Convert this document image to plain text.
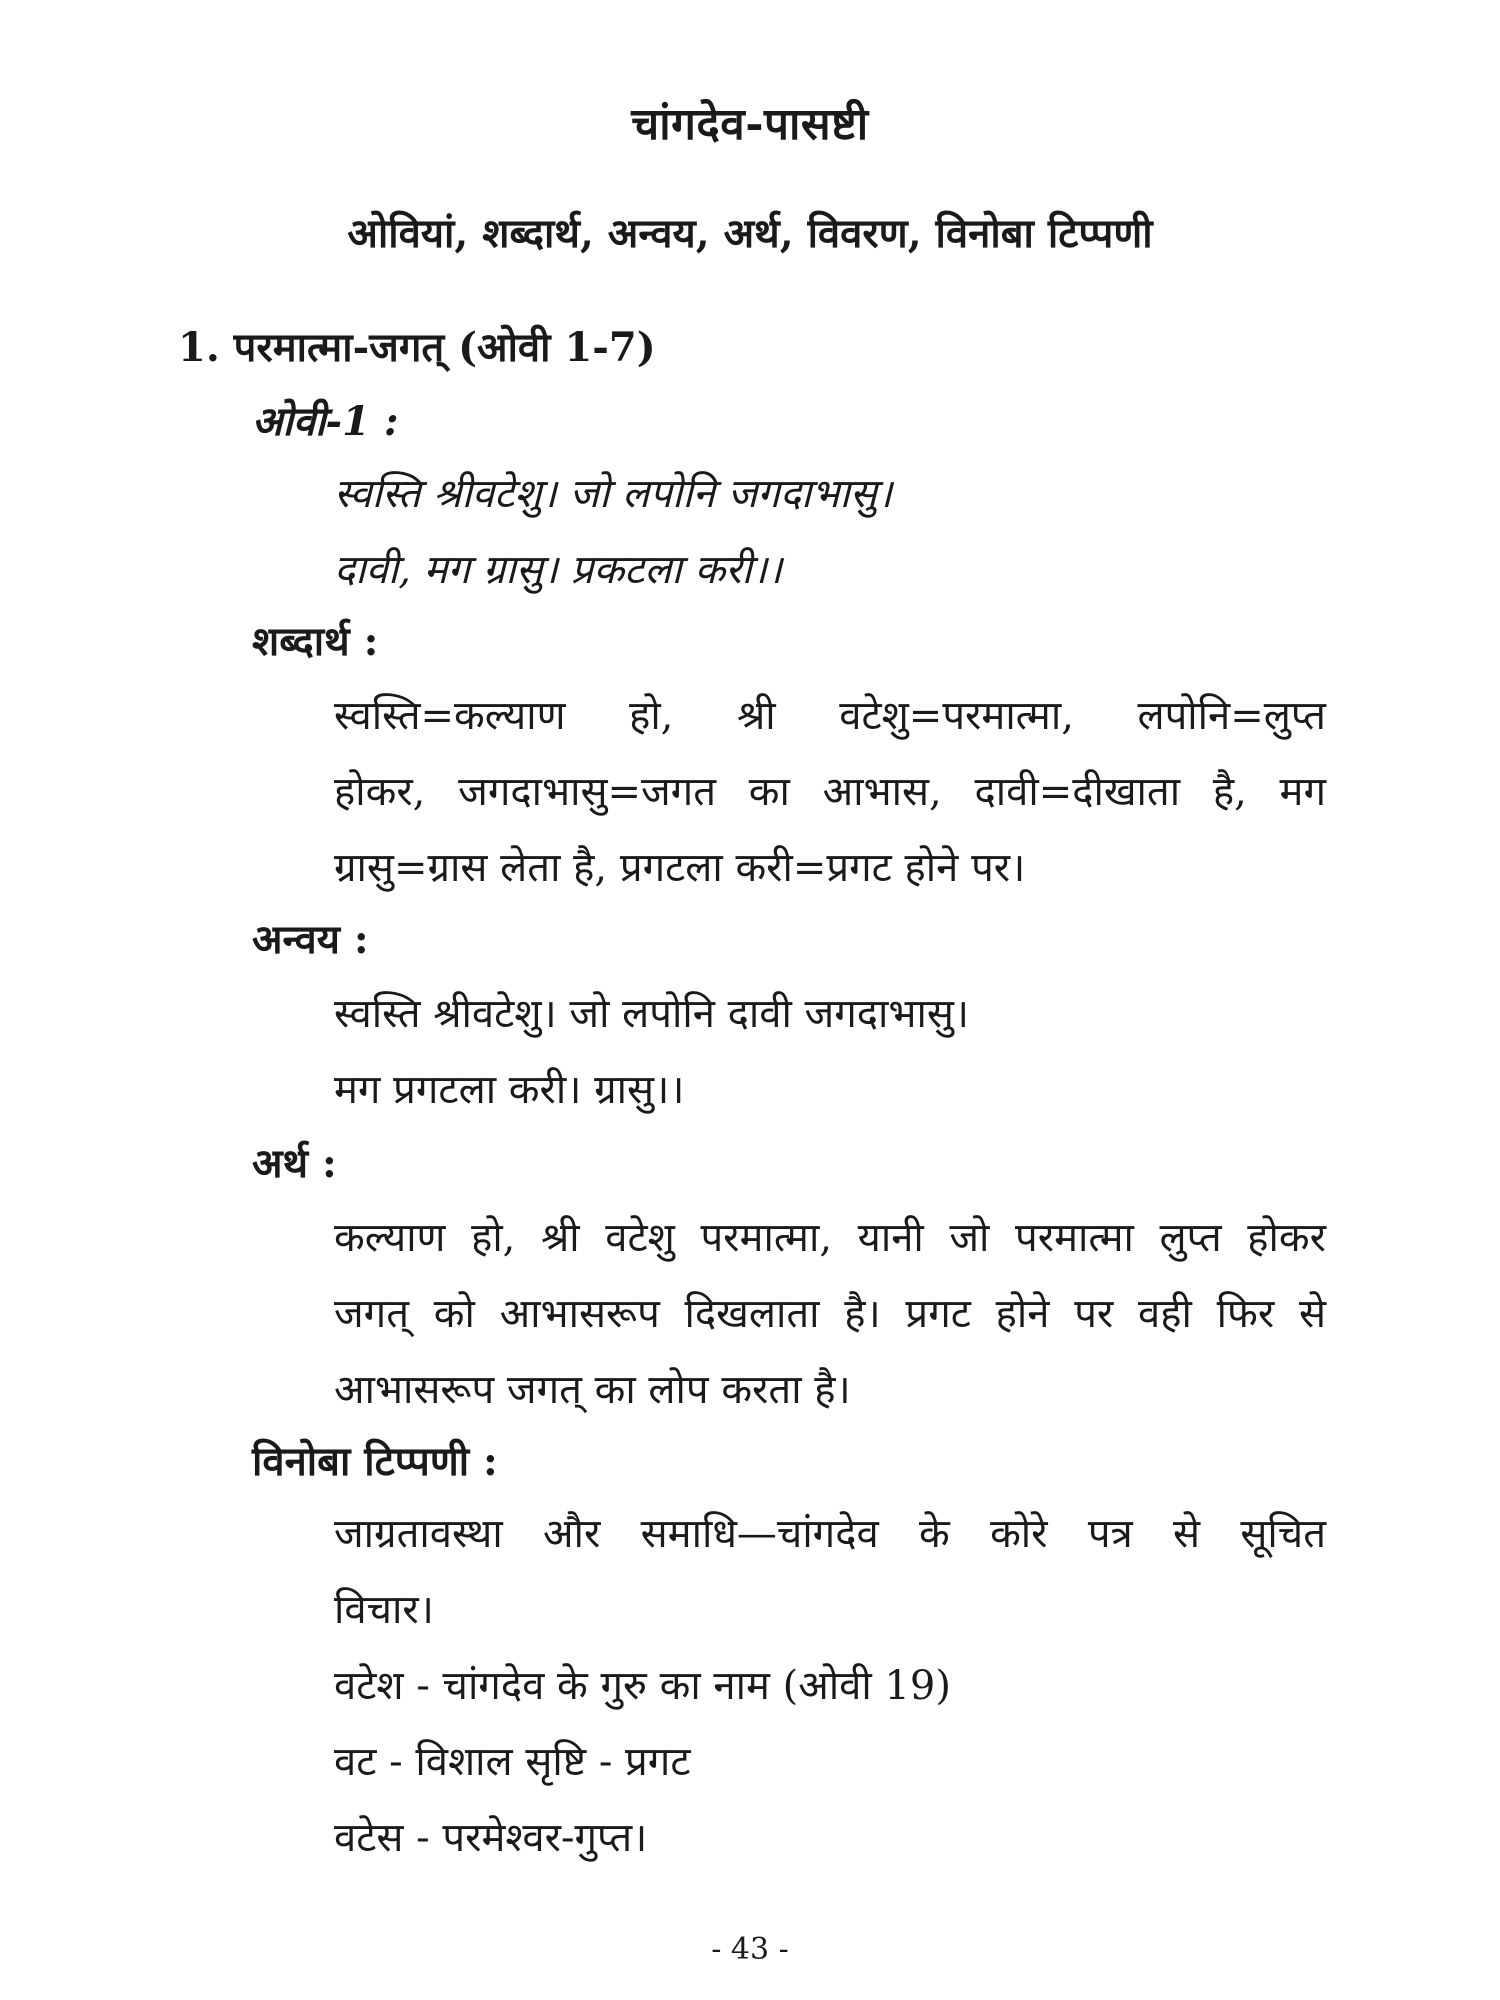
चांगदेव-पासष्टी
ओवियां, शब्दार्थ, अन्वय, अर्थ, विवरण, विनोबा टिप्पणी
1. परमात्मा-जगत् (ओवी 1-7)
ओवी-1 :
स्वस्ति श्रीवटेशु। जो लपोनि जगदाभासु।
दावी, मग ग्रासु। प्रकटला करी।।
शब्दार्थ :
स्वस्ति=कल्याण हो, श्री वटेशु=परमात्मा, लपोनि=लुप्त
होकर, जगदाभासु=जगत का आभास, दावी=दीखाता है, मग
ग्रासु=ग्रास लेता है, प्रगटला करी=प्रगट होने पर।
अन्वय :
स्वस्ति श्रीवटेशु। जो लपोनि दावी जगदाभासु।
मग प्रगटला करी। ग्रासु।।
अर्थ :
कल्याण हो, श्री वटेशु परमात्मा, यानी जो परमात्मा लुप्त होकर
जगत् को आभासरूप दिखलाता है। प्रगट होने पर वही फिर से
आभासरूप जगत् का लोप करता है।
विनोबा टिप्पणी :
जाग्रतावस्था और समाधि—चांगदेव के कोरे पत्र से सूचित
विचार।
वटेश - चांगदेव के गुरु का नाम (ओवी 19)
वट - विशाल सृष्टि - प्रगट
वटेस - परमेश्वर-गुप्त।
- 43 -
